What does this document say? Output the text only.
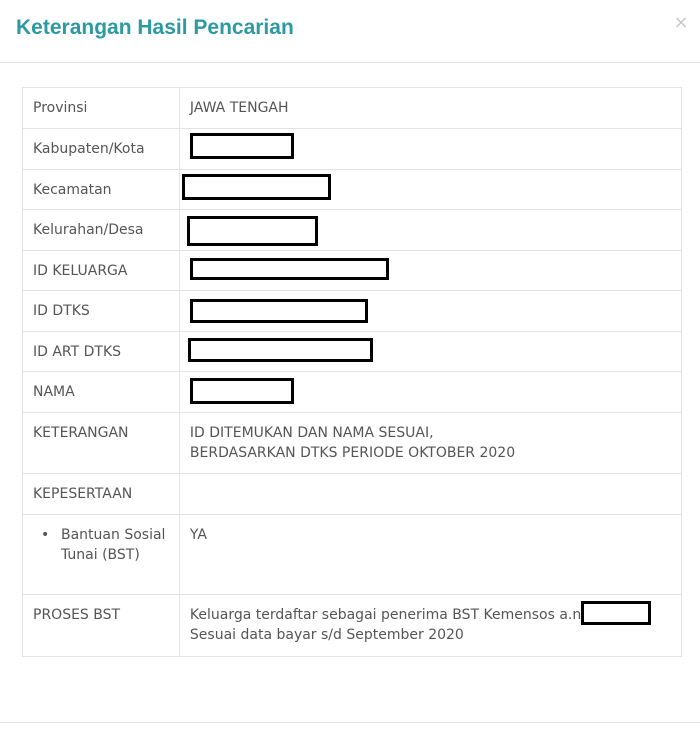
Keterangan Hasil Pencarian	×
Provinsi	JAWA TENGAH
Kabupaten/Kota	
Kecamatan	
Kelurahan/Desa	
ID KELUARGA	
ID DTKS	
ID ART DTKS	
NAMA	
KETERANGAN	ID DITEMUKAN DAN NAMA SESUAI,
BERDASARKAN DTKS PERIODE OKTOBER 2020

KEPESERTAAN	

• Bantuan Sosial
Tunai (BST)	YA
PROSES BST	Keluarga terdaftar sebagai penerima BST Kemensos a.n
Sesuai data bayar s/d September 2020
